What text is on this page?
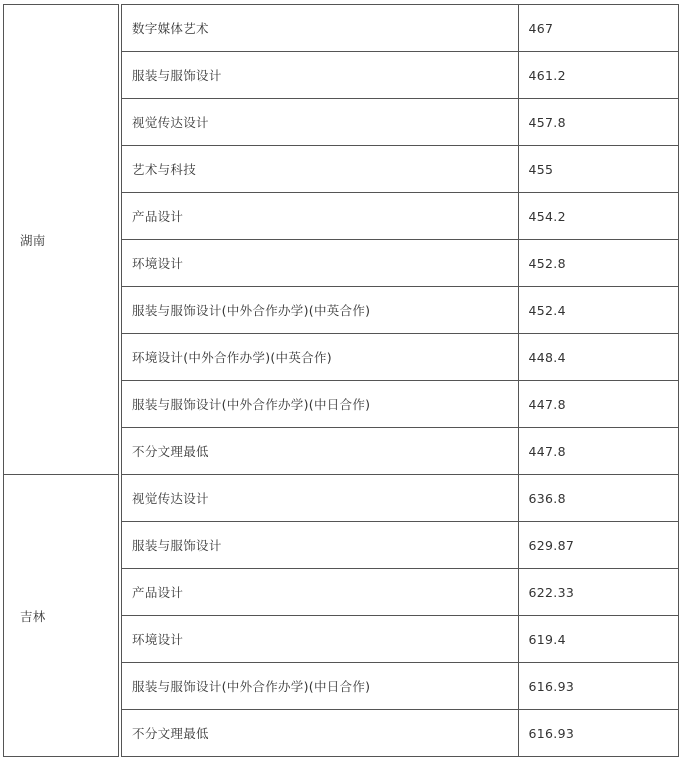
湖南		数字媒体艺术	467
		服装与服饰设计	461.2
		视觉传达设计	457.8
		艺术与科技	455
		产品设计	454.2
		环境设计	452.8
		服装与服饰设计(中外合作办学)(中英合作)	452.4
		环境设计(中外合作办学)(中英合作)	448.4
		服装与服饰设计(中外合作办学)(中日合作)	447.8
		不分文理最低	447.8
吉林		视觉传达设计	636.8
		服装与服饰设计	629.87
		产品设计	622.33
		环境设计	619.4
		服装与服饰设计(中外合作办学)(中日合作)	616.93
		不分文理最低	616.93
